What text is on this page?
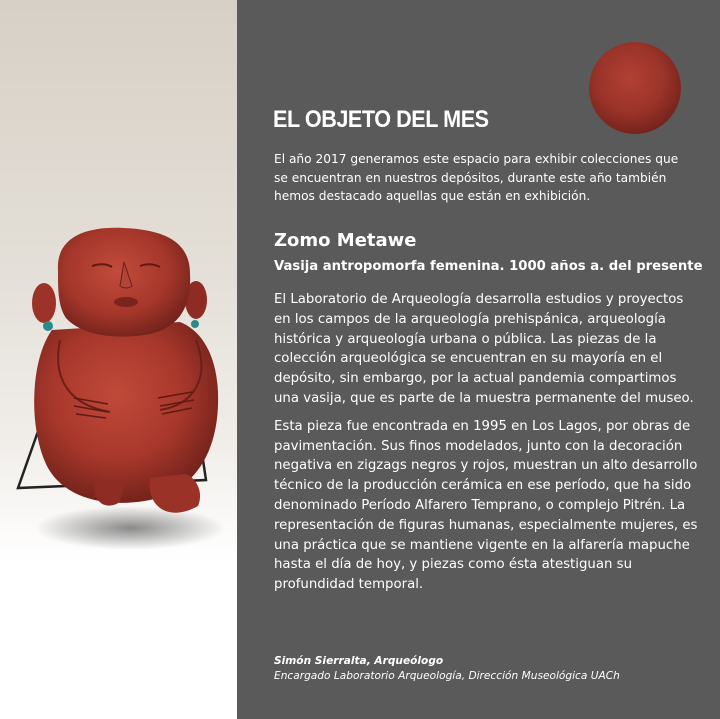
EL OBJETO DEL MES

El año 2017 generamos este espacio para exhibir colecciones que se encuentran en nuestros depósitos, durante este año también hemos destacado aquellas que están en exhibición.

Zomo Metawe
Vasija antropomorfa femenina. 1000 años a. del presente

El Laboratorio de Arqueología desarrolla estudios y proyectos en los campos de la arqueología prehispánica, arqueología histórica y arqueología urbana o pública. Las piezas de la colección arqueológica se encuentran en su mayoría en el depósito, sin embargo, por la actual pandemia compartimos una vasija, que es parte de la muestra permanente del museo.

Esta pieza fue encontrada en 1995 en Los Lagos, por obras de pavimentación. Sus finos modelados, junto con la decoración negativa en zigzags negros y rojos, muestran un alto desarrollo técnico de la producción cerámica en ese período, que ha sido denominado Período Alfarero Temprano, o complejo Pitrén. La representación de figuras humanas, especialmente mujeres, es una práctica que se mantiene vigente en la alfarería mapuche hasta el día de hoy, y piezas como ésta atestiguan su profundidad temporal.

Simón Sierralta, Arqueólogo
Encargado Laboratorio Arqueología, Dirección Museológica UACh
